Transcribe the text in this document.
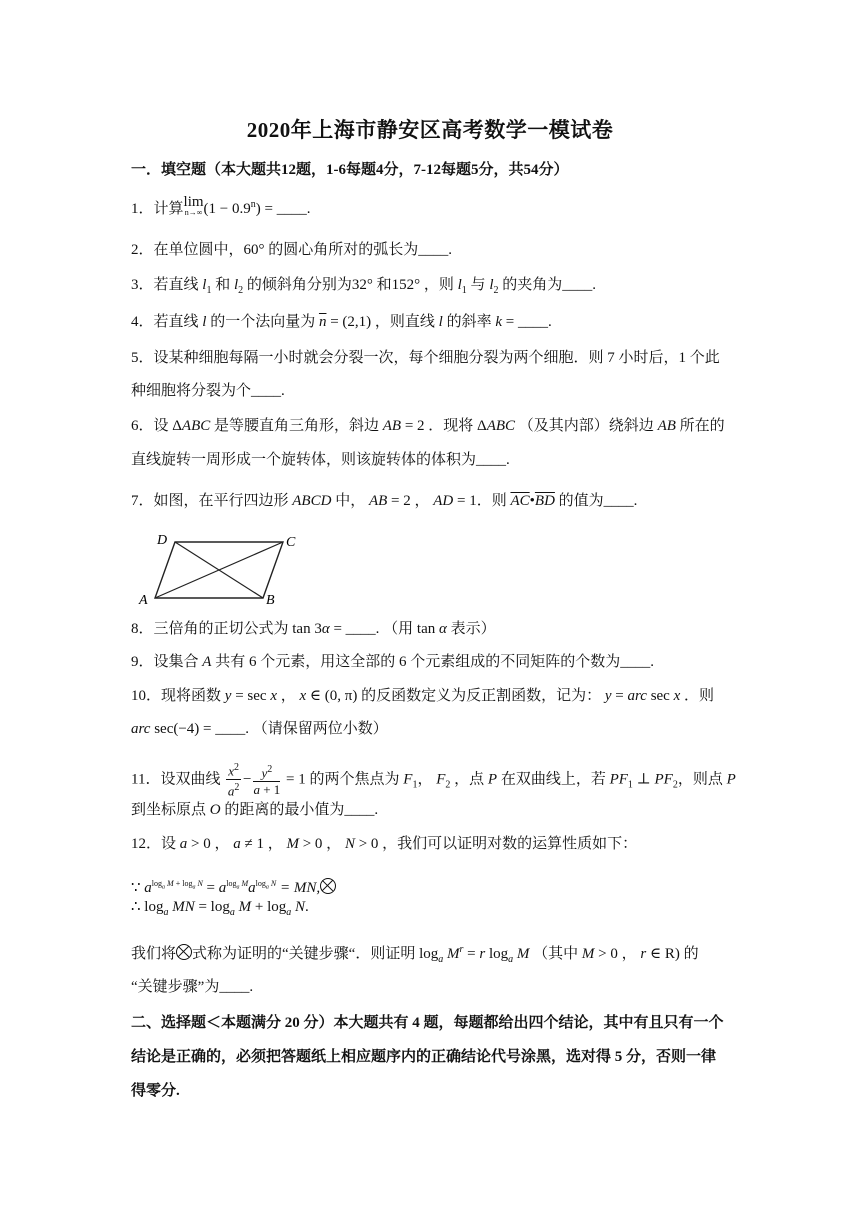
2020年上海市静安区高考数学一模试卷
一．填空题（本大题共12题，1-6每题4分，7-12每题5分，共54分）
1．计算lim
n→∞ $(1 - 0.9^n)$ = ____.
2．在单位圆中，60° 的圆心角所对的弧长为____.
3．若直线 $l_1$ 和 $l_2$ 的倾斜角分别为32° 和152° ，则 $l_1$ 与 $l_2$ 的夹角为____.
4．若直线 l 的一个法向量为 $\overline{n} = (2,1)$ ，则直线 l 的斜率 k = ____.
5．设某种细胞每隔一小时就会分裂一次，每个细胞分裂为两个细胞．则 7 小时后，1 个此
种细胞将分裂为个____.
6．设 ΔABC 是等腰直角三角形，斜边 AB = 2 ．现将 ΔABC （及其内部）绕斜边 AB 所在的
直线旋转一周形成一个旋转体，则该旋转体的体积为____.
7．如图，在平行四边形 ABCD 中， AB = 2 ， AD = 1．则 $\overline{AC}•\overline{BD}$ 的值为____.
D	C
A	B
8．三倍角的正切公式为 tan 3α = ____. （用 tan α 表示）
9．设集合 A 共有 6 个元素，用这全部的 6 个元素组成的不同矩阵的个数为____.
10．现将函数 y = sec x ， x ∈ (0, π) 的反函数定义为反正割函数，记为： y = arc sec x ．则
arc sec(−4) = ____. （请保留两位小数）
11．设双曲线 $\frac{x^2}{a^2} - \frac{y^2}{a + 1} = 1$ 的两个焦点为 $F_1$， $F_2$ ，点 P 在双曲线上，若 $PF_1$ ⊥ $PF_2$，则点 P
到坐标原点 O 的距离的最小值为____.
12．设 a > 0 ， a ≠ 1 ， M > 0 ， N > 0 ，我们可以证明对数的运算性质如下：
∵ $a^{log_a M + log_a N} = a^{log_a M}a^{log_a N}$ = MN,
∴ $\log_a$ MN = $\log_a M + \log_a N$.
我们将 式称为证明的“关键步骤“．则证明 $\log_a M^r = r$ $\log_a M$ （其中 M > 0 ， r ∈ R) 的
“关键步骤”为____.
二、选择题＜本题满分 20 分）本大题共有 4 题，每题都给出四个结论，其中有且只有一个
结论是正确的，必须把答题纸上相应题序内的正确结论代号涂黑，选对得 5 分，否则一律
得零分.
